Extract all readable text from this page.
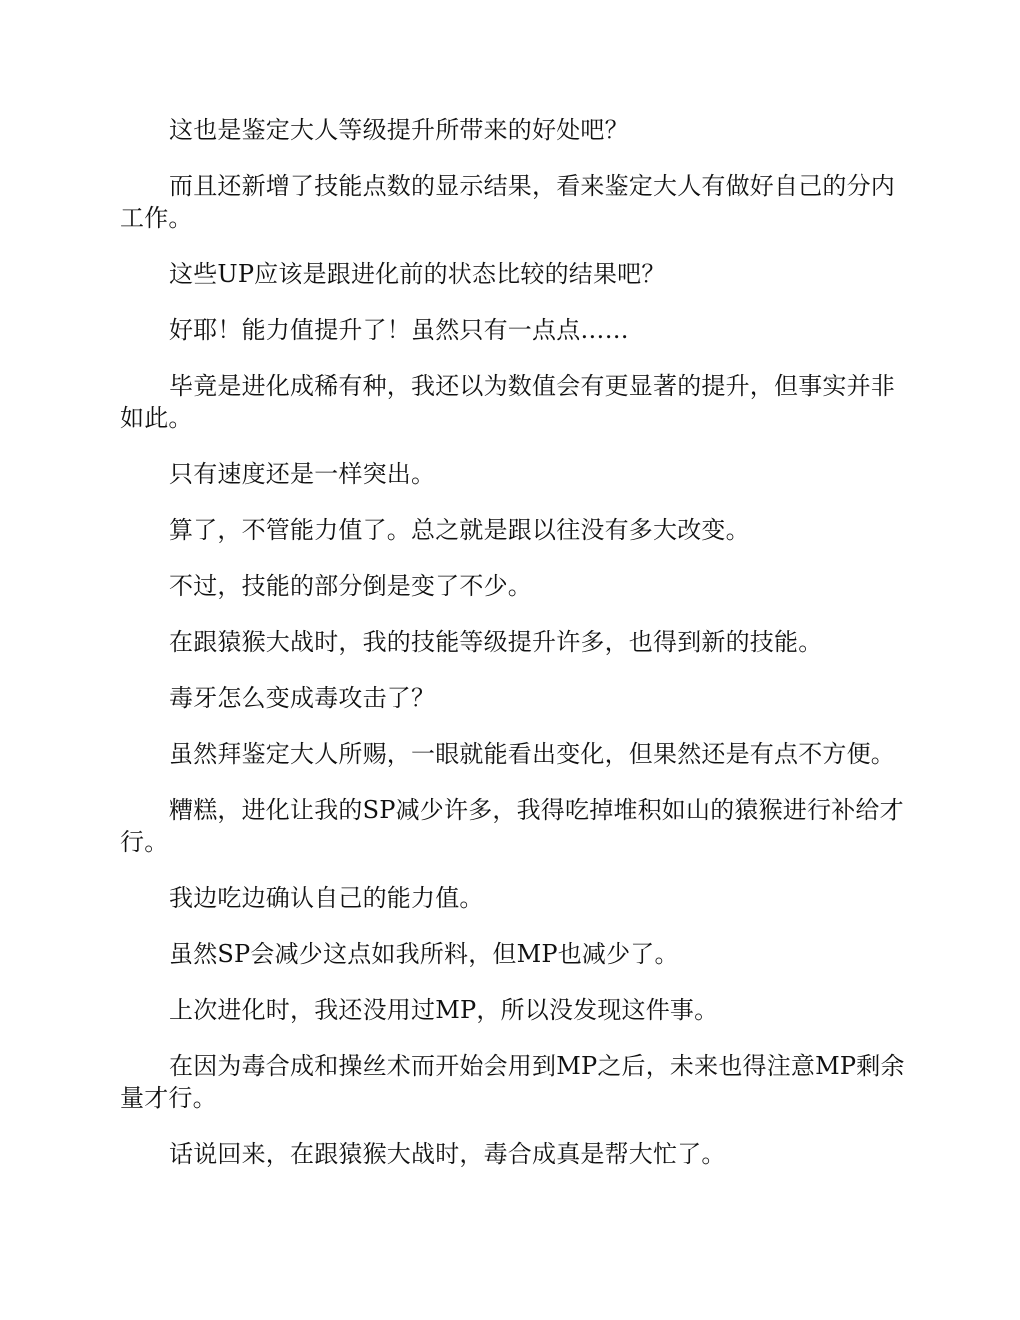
这也是鉴定大人等级提升所带来的好处吧？

而且还新增了技能点数的显示结果，看来鉴定大人有做好自己的分内工作。

这些UP应该是跟进化前的状态比较的结果吧？

好耶！能力值提升了！虽然只有一点点……

毕竟是进化成稀有种，我还以为数值会有更显著的提升，但事实并非如此。

只有速度还是一样突出。

算了，不管能力值了。总之就是跟以往没有多大改变。

不过，技能的部分倒是变了不少。

在跟猿猴大战时，我的技能等级提升许多，也得到新的技能。

毒牙怎么变成毒攻击了？

虽然拜鉴定大人所赐，一眼就能看出变化，但果然还是有点不方便。

糟糕，进化让我的SP减少许多，我得吃掉堆积如山的猿猴进行补给才行。

我边吃边确认自己的能力值。

虽然SP会减少这点如我所料，但MP也减少了。

上次进化时，我还没用过MP，所以没发现这件事。

在因为毒合成和操丝术而开始会用到MP之后，未来也得注意MP剩余量才行。

话说回来，在跟猿猴大战时，毒合成真是帮大忙了。
